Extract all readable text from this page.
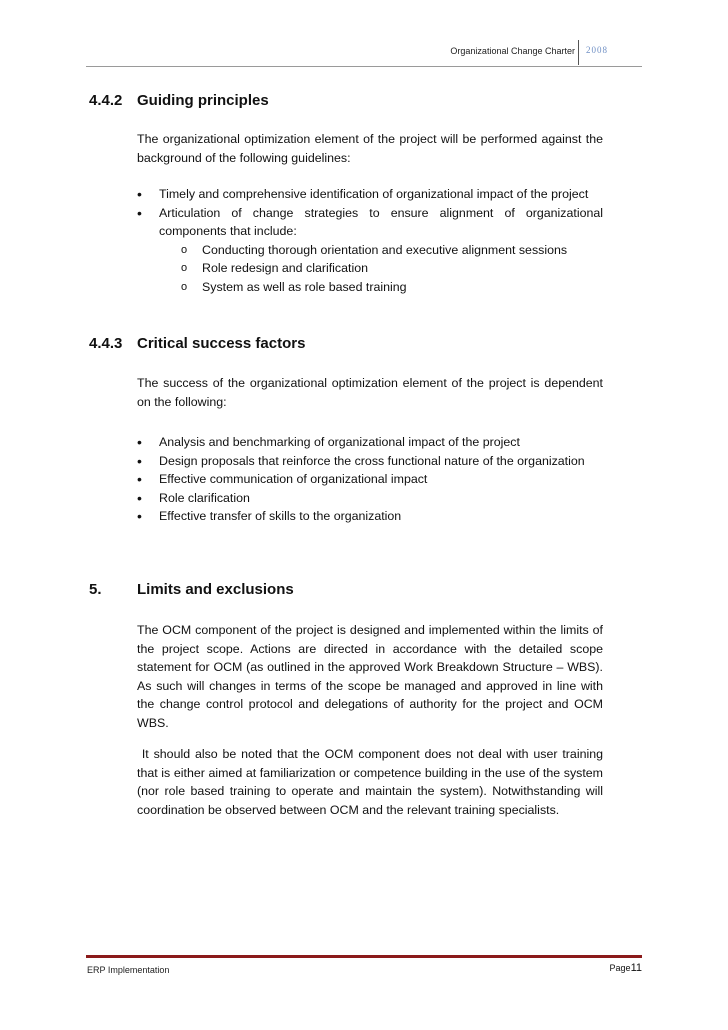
Organizational Change Charter 2008
4.4.2 Guiding principles
The organizational optimization element of the project will be performed against the background of the following guidelines:
• Timely and comprehensive identification of organizational impact of the project
• Articulation of change strategies to ensure alignment of organizational components that include:
o Conducting thorough orientation and executive alignment sessions
o Role redesign and clarification
o System as well as role based training
4.4.3 Critical success factors
The success of the organizational optimization element of the project is dependent on the following:
• Analysis and benchmarking of organizational impact of the project
• Design proposals that reinforce the cross functional nature of the organization
• Effective communication of organizational impact
• Role clarification
• Effective transfer of skills to the organization
5. Limits and exclusions
The OCM component of the project is designed and implemented within the limits of the project scope. Actions are directed in accordance with the detailed scope statement for OCM (as outlined in the approved Work Breakdown Structure – WBS). As such will changes in terms of the scope be managed and approved in line with the change control protocol and delegations of authority for the project and OCM WBS.
It should also be noted that the OCM component does not deal with user training that is either aimed at familiarization or competence building in the use of the system (nor role based training to operate and maintain the system). Notwithstanding will coordination be observed between OCM and the relevant training specialists.
ERP Implementation	Page11
